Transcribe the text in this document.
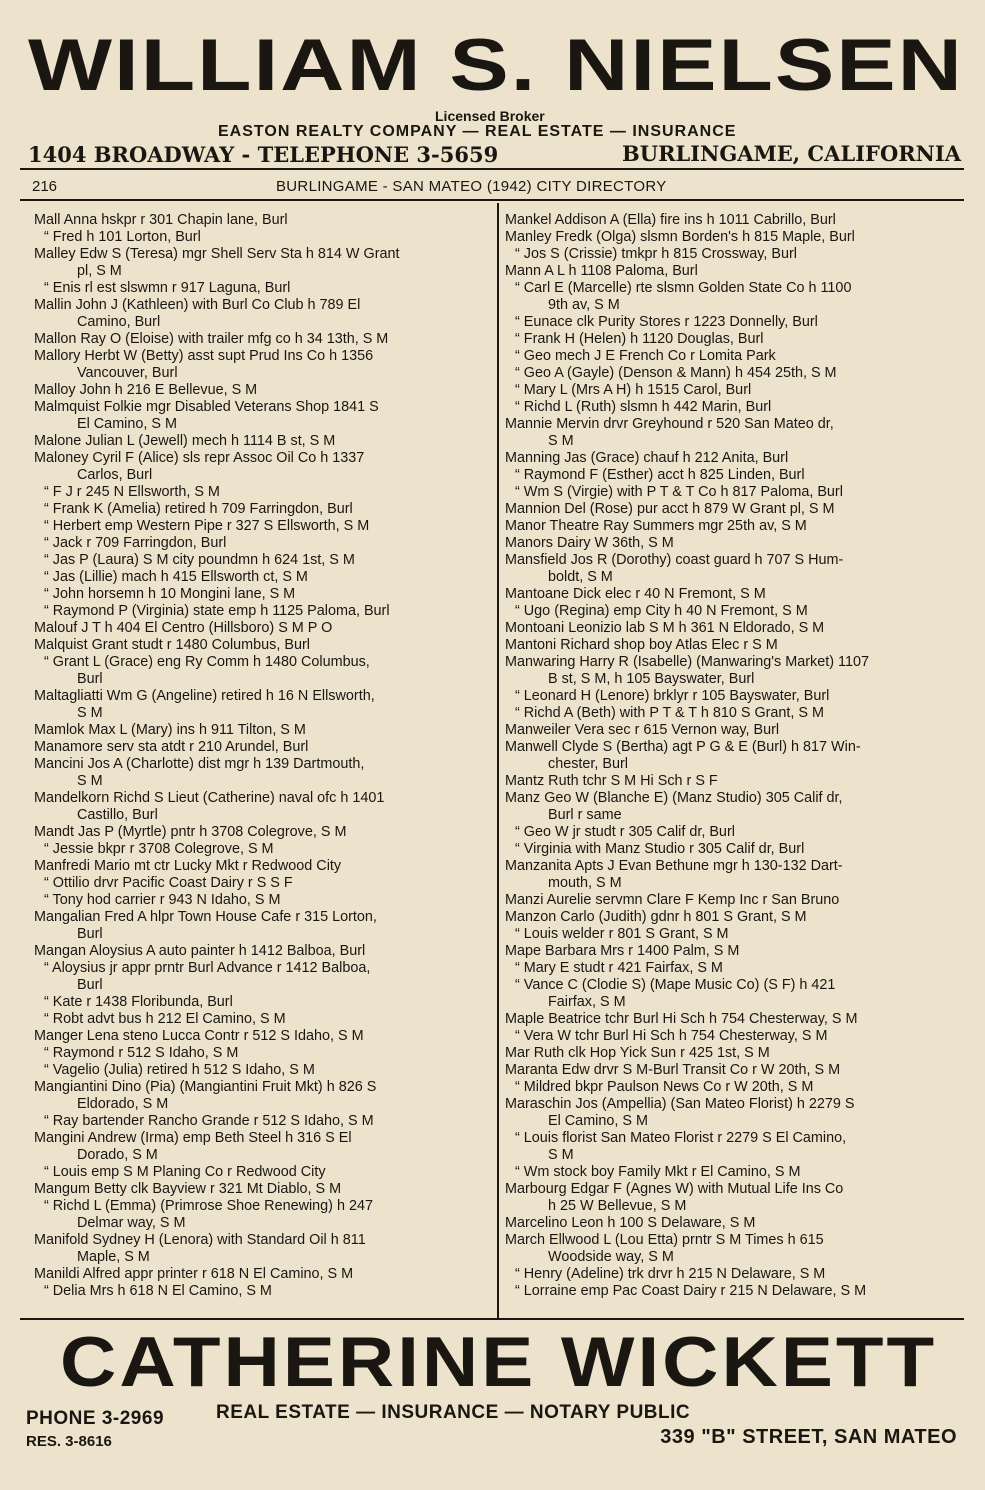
WILLIAM S. NIELSEN
Licensed Broker
EASTON REALTY COMPANY — REAL ESTATE — INSURANCE
1404 BROADWAY - TELEPHONE 3-5659	BURLINGAME, CALIFORNIA
216	BURLINGAME - SAN MATEO (1942) CITY DIRECTORY
Mall Anna hskpr r 301 Chapin lane, Burl
“ Fred h 101 Lorton, Burl
Malley Edw S (Teresa) mgr Shell Serv Sta h 814 W Grant
pl, S M
“ Enis rl est slswmn r 917 Laguna, Burl
Mallin John J (Kathleen) with Burl Co Club h 789 El
Camino, Burl
Mallon Ray O (Eloise) with trailer mfg co h 34 13th, S M
Mallory Herbt W (Betty) asst supt Prud Ins Co h 1356
Vancouver, Burl
Malloy John h 216 E Bellevue, S M
Malmquist Folkie mgr Disabled Veterans Shop 1841 S
El Camino, S M
Malone Julian L (Jewell) mech h 1114 B st, S M
Maloney Cyril F (Alice) sls repr Assoc Oil Co h 1337
Carlos, Burl
“ F J r 245 N Ellsworth, S M
“ Frank K (Amelia) retired h 709 Farringdon, Burl
“ Herbert emp Western Pipe r 327 S Ellsworth, S M
“ Jack r 709 Farringdon, Burl
“ Jas P (Laura) S M city poundmn h 624 1st, S M
“ Jas (Lillie) mach h 415 Ellsworth ct, S M
“ John horsemn h 10 Mongini lane, S M
“ Raymond P (Virginia) state emp h 1125 Paloma, Burl
Malouf J T h 404 El Centro (Hillsboro) S M P O
Malquist Grant studt r 1480 Columbus, Burl
“ Grant L (Grace) eng Ry Comm h 1480 Columbus,
Burl
Maltagliatti Wm G (Angeline) retired h 16 N Ellsworth,
S M
Mamlok Max L (Mary) ins h 911 Tilton, S M
Manamore serv sta atdt r 210 Arundel, Burl
Mancini Jos A (Charlotte) dist mgr h 139 Dartmouth,
S M
Mandelkorn Richd S Lieut (Catherine) naval ofc h 1401
Castillo, Burl
Mandt Jas P (Myrtle) pntr h 3708 Colegrove, S M
“ Jessie bkpr r 3708 Colegrove, S M
Manfredi Mario mt ctr Lucky Mkt r Redwood City
“ Ottilio drvr Pacific Coast Dairy r S S F
“ Tony hod carrier r 943 N Idaho, S M
Mangalian Fred A hlpr Town House Cafe r 315 Lorton,
Burl
Mangan Aloysius A auto painter h 1412 Balboa, Burl
“ Aloysius jr appr prntr Burl Advance r 1412 Balboa,
Burl
“ Kate r 1438 Floribunda, Burl
“ Robt advt bus h 212 El Camino, S M
Manger Lena steno Lucca Contr r 512 S Idaho, S M
“ Raymond r 512 S Idaho, S M
“ Vagelio (Julia) retired h 512 S Idaho, S M
Mangiantini Dino (Pia) (Mangiantini Fruit Mkt) h 826 S
Eldorado, S M
“ Ray bartender Rancho Grande r 512 S Idaho, S M
Mangini Andrew (Irma) emp Beth Steel h 316 S El
Dorado, S M
“ Louis emp S M Planing Co r Redwood City
Mangum Betty clk Bayview r 321 Mt Diablo, S M
“ Richd L (Emma) (Primrose Shoe Renewing) h 247
Delmar way, S M
Manifold Sydney H (Lenora) with Standard Oil h 811
Maple, S M
Manildi Alfred appr printer r 618 N El Camino, S M
“ Delia Mrs h 618 N El Camino, S M
Mankel Addison A (Ella) fire ins h 1011 Cabrillo, Burl
Manley Fredk (Olga) slsmn Borden's h 815 Maple, Burl
“ Jos S (Crissie) tmkpr h 815 Crossway, Burl
Mann A L h 1108 Paloma, Burl
“ Carl E (Marcelle) rte slsmn Golden State Co h 1100
9th av, S M
“ Eunace clk Purity Stores r 1223 Donnelly, Burl
“ Frank H (Helen) h 1120 Douglas, Burl
“ Geo mech J E French Co r Lomita Park
“ Geo A (Gayle) (Denson & Mann) h 454 25th, S M
“ Mary L (Mrs A H) h 1515 Carol, Burl
“ Richd L (Ruth) slsmn h 442 Marin, Burl
Mannie Mervin drvr Greyhound r 520 San Mateo dr,
S M
Manning Jas (Grace) chauf h 212 Anita, Burl
“ Raymond F (Esther) acct h 825 Linden, Burl
“ Wm S (Virgie) with P T & T Co h 817 Paloma, Burl
Mannion Del (Rose) pur acct h 879 W Grant pl, S M
Manor Theatre Ray Summers mgr 25th av, S M
Manors Dairy W 36th, S M
Mansfield Jos R (Dorothy) coast guard h 707 S Hum-
boldt, S M
Mantoane Dick elec r 40 N Fremont, S M
“ Ugo (Regina) emp City h 40 N Fremont, S M
Montoani Leonizio lab S M h 361 N Eldorado, S M
Mantoni Richard shop boy Atlas Elec r S M
Manwaring Harry R (Isabelle) (Manwaring's Market) 1107
B st, S M, h 105 Bayswater, Burl
“ Leonard H (Lenore) brklyr r 105 Bayswater, Burl
“ Richd A (Beth) with P T & T h 810 S Grant, S M
Manweiler Vera sec r 615 Vernon way, Burl
Manwell Clyde S (Bertha) agt P G & E (Burl) h 817 Win-
chester, Burl
Mantz Ruth tchr S M Hi Sch r S F
Manz Geo W (Blanche E) (Manz Studio) 305 Calif dr,
Burl r same
“ Geo W jr studt r 305 Calif dr, Burl
“ Virginia with Manz Studio r 305 Calif dr, Burl
Manzanita Apts J Evan Bethune mgr h 130-132 Dart-
mouth, S M
Manzi Aurelie servmn Clare F Kemp Inc r San Bruno
Manzon Carlo (Judith) gdnr h 801 S Grant, S M
“ Louis welder r 801 S Grant, S M
Mape Barbara Mrs r 1400 Palm, S M
“ Mary E studt r 421 Fairfax, S M
“ Vance C (Clodie S) (Mape Music Co) (S F) h 421
Fairfax, S M
Maple Beatrice tchr Burl Hi Sch h 754 Chesterway, S M
“ Vera W tchr Burl Hi Sch h 754 Chesterway, S M
Mar Ruth clk Hop Yick Sun r 425 1st, S M
Maranta Edw drvr S M-Burl Transit Co r W 20th, S M
“ Mildred bkpr Paulson News Co r W 20th, S M
Maraschin Jos (Ampellia) (San Mateo Florist) h 2279 S
El Camino, S M
“ Louis florist San Mateo Florist r 2279 S El Camino,
S M
“ Wm stock boy Family Mkt r El Camino, S M
Marbourg Edgar F (Agnes W) with Mutual Life Ins Co
h 25 W Bellevue, S M
Marcelino Leon h 100 S Delaware, S M
March Ellwood L (Lou Etta) prntr S M Times h 615
Woodside way, S M
“ Henry (Adeline) trk drvr h 215 N Delaware, S M
“ Lorraine emp Pac Coast Dairy r 215 N Delaware, S M
CATHERINE WICKETT
PHONE 3-2969
RES. 3-8616
REAL ESTATE — INSURANCE — NOTARY PUBLIC
339 "B" STREET, SAN MATEO
